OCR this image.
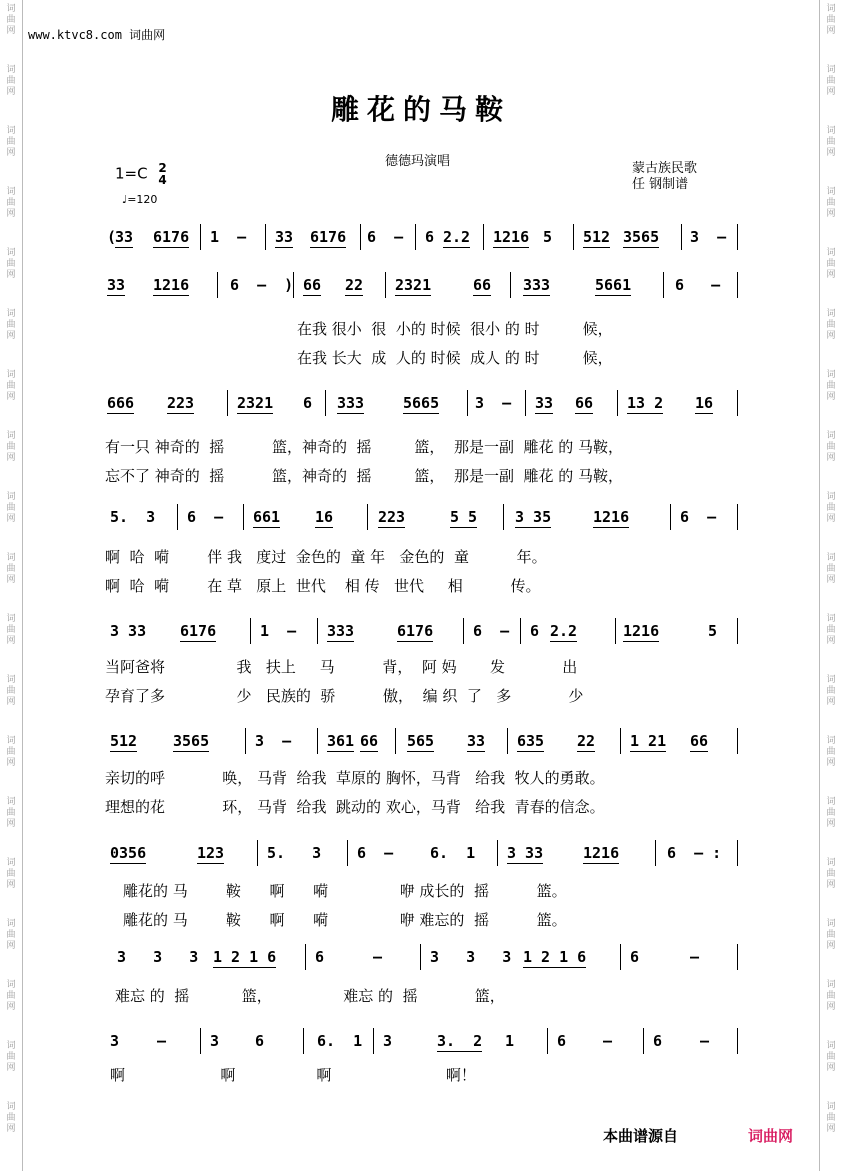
词
曲
网
词
曲
网
词
曲
网
词
曲
网
词
曲
网
词
曲
网
词
曲
网
词
曲
网
词
曲
网
词
曲
网
词
曲
网
词
曲
网
词
曲
网
词
曲
网
词
曲
网
词
曲
网
词
曲
网
词
曲
网
词
曲
网
词
曲
网
词
曲
网
词
曲
网
词
曲
网
词
曲
网
词
曲
网
词
曲
网
词
曲
网
词
曲
网
词
曲
网
词
曲
网
词
曲
网
词
曲
网
词
曲
网
词
曲
网
词
曲
网
词
曲
网
词
曲
网
词
曲
网
www.ktvc8.com 词曲网
雕花的马鞍
1=C 2
4
♩=120
德德玛演唱	蒙古族民歌
任 钢制谱
(
33 6176 1  – 33 6176 6  – 6 2.2 1216 5 512 3565 3  –
33 1216	6  –  ) 66 22 2321	66 333	5661	6   –
666 223	2321 6 333	5665 3  – 33 66 13 2 16
5.  3 6  – 661 16	223	5 5	3 35	1216	6  –
3 33 6176	1  – 333	6176	6  – 6 2.2	1216	5
512 3565	3  – 361 66 565 33 635 22 1 21 66
0356	123	5.   3 6  – 6.  1 3 33	1216	6  – :
3   3   3 1 2 1 6	6	–	3   3   3 1 2 1 6	6	–
3	–	3 6	6.  1 3	3.  2 1	6 –	6	–
在我 很小  很  小的 时候  很小 的 时         候，
在我 长大  成  人的 时候  成人 的 时         候，
有一只 神奇的  摇          篮，神奇的  摇         篮，  那是一副  雕花 的 马鞍，
忘不了 神奇的  摇          篮，神奇的  摇         篮，  那是一副  雕花 的 马鞍，
啊  哈  嗬        伴 我   度过  金色的  童 年   金色的  童          年。
啊  哈  嗬        在 草   原上  世代    相 传   世代     相          传。
当阿爸将               我   扶上     马          背，  阿 妈       发            出
孕育了多               少   民族的  骄          傲，  编 织  了   多            少
亲切的呼            唤， 马背  给我  草原的 胸怀，马背   给我  牧人的勇敢。
理想的花            环， 马背  给我  跳动的 欢心，马背   给我  青春的信念。
雕花的 马        鞍      啊      嗬               咿 成长的  摇          篮。
雕花的 马        鞍      啊      嗬               咿 难忘的  摇          篮。
难忘 的  摇           篮，               难忘 的  摇            篮，
啊                    啊                 啊                        啊！
本曲谱源自	词曲网
